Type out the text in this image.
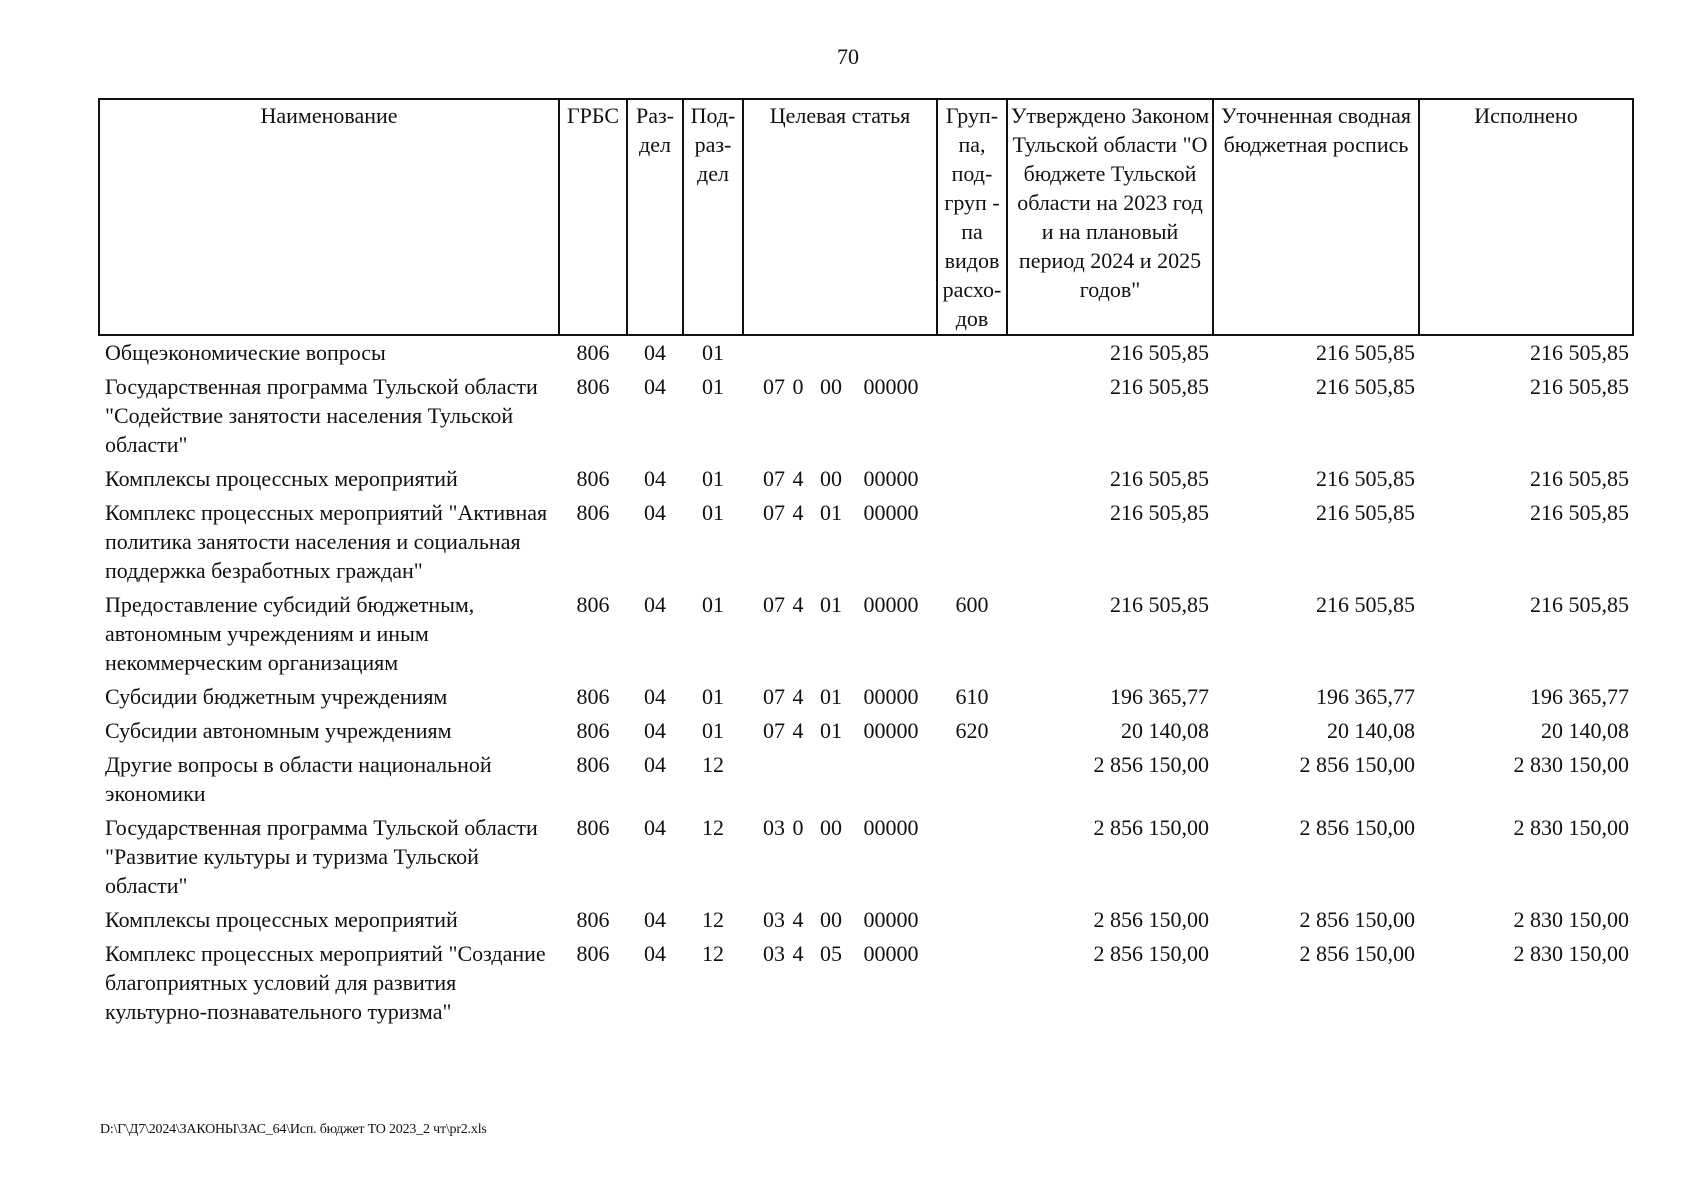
70
Наименование	ГРБС	Раз-дел	Под-раз-дел	Целевая статья	Груп-па, под-груп - па видов расхо-дов	Утверждено Законом Тульской области "О бюджете Тульской области на 2023 год и на плановый период 2024 и 2025 годов"	Уточненная сводная бюджетная роспись	Исполнено
Общеэкономические вопросы	806	04	01			216 505,85	216 505,85	216 505,85
Государственная программа Тульской области "Содействие занятости населения Тульской области"	806	04	01	07 0 00 00000		216 505,85	216 505,85	216 505,85
Комплексы процессных мероприятий	806	04	01	07 4 00 00000		216 505,85	216 505,85	216 505,85
Комплекс процессных мероприятий "Активная политика занятости населения и социальная поддержка безработных граждан"	806	04	01	07 4 01 00000		216 505,85	216 505,85	216 505,85
Предоставление субсидий бюджетным, автономным учреждениям и иным некоммерческим организациям	806	04	01	07 4 01 00000	600	216 505,85	216 505,85	216 505,85
Субсидии бюджетным учреждениям	806	04	01	07 4 01 00000	610	196 365,77	196 365,77	196 365,77
Субсидии автономным учреждениям	806	04	01	07 4 01 00000	620	20 140,08	20 140,08	20 140,08
Другие вопросы в области национальной экономики	806	04	12			2 856 150,00	2 856 150,00	2 830 150,00
Государственная программа Тульской области "Развитие культуры и туризма Тульской области"	806	04	12	03 0 00 00000		2 856 150,00	2 856 150,00	2 830 150,00
Комплексы процессных мероприятий	806	04	12	03 4 00 00000		2 856 150,00	2 856 150,00	2 830 150,00
Комплекс процессных мероприятий "Создание благоприятных условий для развития культурно-познавательного туризма"	806	04	12	03 4 05 00000		2 856 150,00	2 856 150,00	2 830 150,00
D:\Г\Д7\2024\ЗАКОНЫ\ЗАС_64\Исп. бюджет ТО 2023_2 чт\pr2.xls
